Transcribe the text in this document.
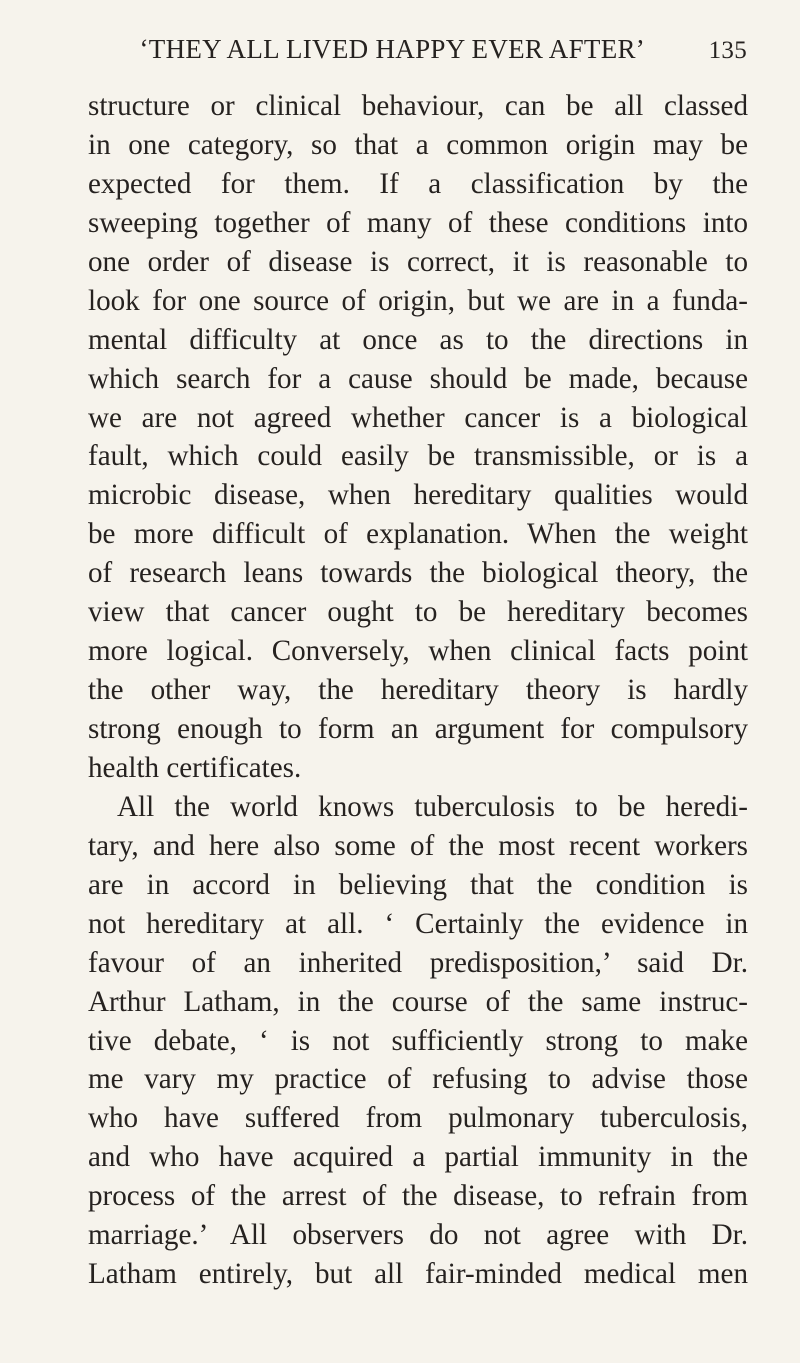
‘THEY ALL LIVED HAPPY EVER AFTER’	135
structure or clinical behaviour, can be all classed
in one category, so that a common origin may be
expected for them. If a classification by the
sweeping together of many of these conditions into
one order of disease is correct, it is reasonable to
look for one source of origin, but we are in a funda-
mental difficulty at once as to the directions in
which search for a cause should be made, because
we are not agreed whether cancer is a biological
fault, which could easily be transmissible, or is a
microbic disease, when hereditary qualities would
be more difficult of explanation. When the weight
of research leans towards the biological theory, the
view that cancer ought to be hereditary becomes
more logical. Conversely, when clinical facts point
the other way, the hereditary theory is hardly
strong enough to form an argument for compulsory
health certificates.
All the world knows tuberculosis to be heredi-
tary, and here also some of the most recent workers
are in accord in believing that the condition is
not hereditary at all. ‘ Certainly the evidence in
favour of an inherited predisposition,’ said Dr.
Arthur Latham, in the course of the same instruc-
tive debate, ‘ is not sufficiently strong to make
me vary my practice of refusing to advise those
who have suffered from pulmonary tuberculosis,
and who have acquired a partial immunity in the
process of the arrest of the disease, to refrain from
marriage.’ All observers do not agree with Dr.
Latham entirely, but all fair-minded medical men
